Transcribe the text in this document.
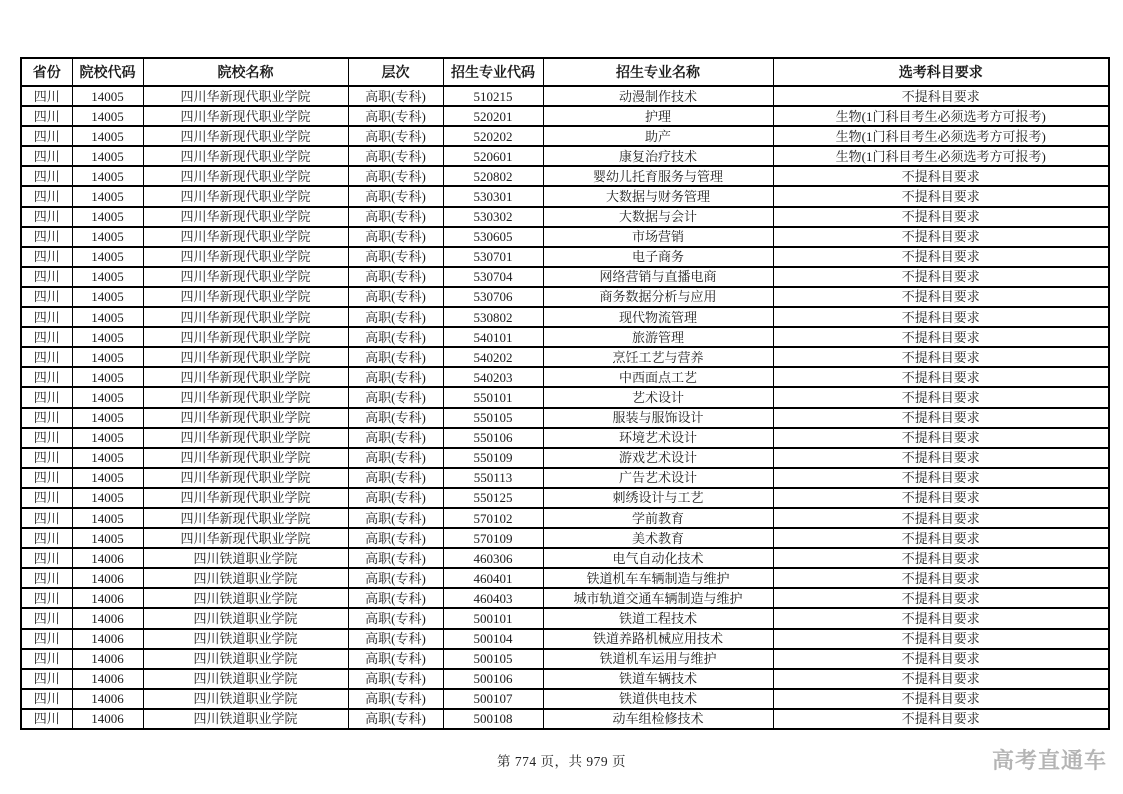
省份	院校代码	院校名称	层次	招生专业代码	招生专业名称	选考科目要求
四川	14005	四川华新现代职业学院	高职(专科)	510215	动漫制作技术	不提科目要求
四川	14005	四川华新现代职业学院	高职(专科)	520201	护理	生物(1门科目考生必须选考方可报考)
四川	14005	四川华新现代职业学院	高职(专科)	520202	助产	生物(1门科目考生必须选考方可报考)
四川	14005	四川华新现代职业学院	高职(专科)	520601	康复治疗技术	生物(1门科目考生必须选考方可报考)
四川	14005	四川华新现代职业学院	高职(专科)	520802	婴幼儿托育服务与管理	不提科目要求
四川	14005	四川华新现代职业学院	高职(专科)	530301	大数据与财务管理	不提科目要求
四川	14005	四川华新现代职业学院	高职(专科)	530302	大数据与会计	不提科目要求
四川	14005	四川华新现代职业学院	高职(专科)	530605	市场营销	不提科目要求
四川	14005	四川华新现代职业学院	高职(专科)	530701	电子商务	不提科目要求
四川	14005	四川华新现代职业学院	高职(专科)	530704	网络营销与直播电商	不提科目要求
四川	14005	四川华新现代职业学院	高职(专科)	530706	商务数据分析与应用	不提科目要求
四川	14005	四川华新现代职业学院	高职(专科)	530802	现代物流管理	不提科目要求
四川	14005	四川华新现代职业学院	高职(专科)	540101	旅游管理	不提科目要求
四川	14005	四川华新现代职业学院	高职(专科)	540202	烹饪工艺与营养	不提科目要求
四川	14005	四川华新现代职业学院	高职(专科)	540203	中西面点工艺	不提科目要求
四川	14005	四川华新现代职业学院	高职(专科)	550101	艺术设计	不提科目要求
四川	14005	四川华新现代职业学院	高职(专科)	550105	服装与服饰设计	不提科目要求
四川	14005	四川华新现代职业学院	高职(专科)	550106	环境艺术设计	不提科目要求
四川	14005	四川华新现代职业学院	高职(专科)	550109	游戏艺术设计	不提科目要求
四川	14005	四川华新现代职业学院	高职(专科)	550113	广告艺术设计	不提科目要求
四川	14005	四川华新现代职业学院	高职(专科)	550125	刺绣设计与工艺	不提科目要求
四川	14005	四川华新现代职业学院	高职(专科)	570102	学前教育	不提科目要求
四川	14005	四川华新现代职业学院	高职(专科)	570109	美术教育	不提科目要求
四川	14006	四川铁道职业学院	高职(专科)	460306	电气自动化技术	不提科目要求
四川	14006	四川铁道职业学院	高职(专科)	460401	铁道机车车辆制造与维护	不提科目要求
四川	14006	四川铁道职业学院	高职(专科)	460403	城市轨道交通车辆制造与维护	不提科目要求
四川	14006	四川铁道职业学院	高职(专科)	500101	铁道工程技术	不提科目要求
四川	14006	四川铁道职业学院	高职(专科)	500104	铁道养路机械应用技术	不提科目要求
四川	14006	四川铁道职业学院	高职(专科)	500105	铁道机车运用与维护	不提科目要求
四川	14006	四川铁道职业学院	高职(专科)	500106	铁道车辆技术	不提科目要求
四川	14006	四川铁道职业学院	高职(专科)	500107	铁道供电技术	不提科目要求
四川	14006	四川铁道职业学院	高职(专科)	500108	动车组检修技术	不提科目要求
第 774 页，共 979 页	高考直通车
